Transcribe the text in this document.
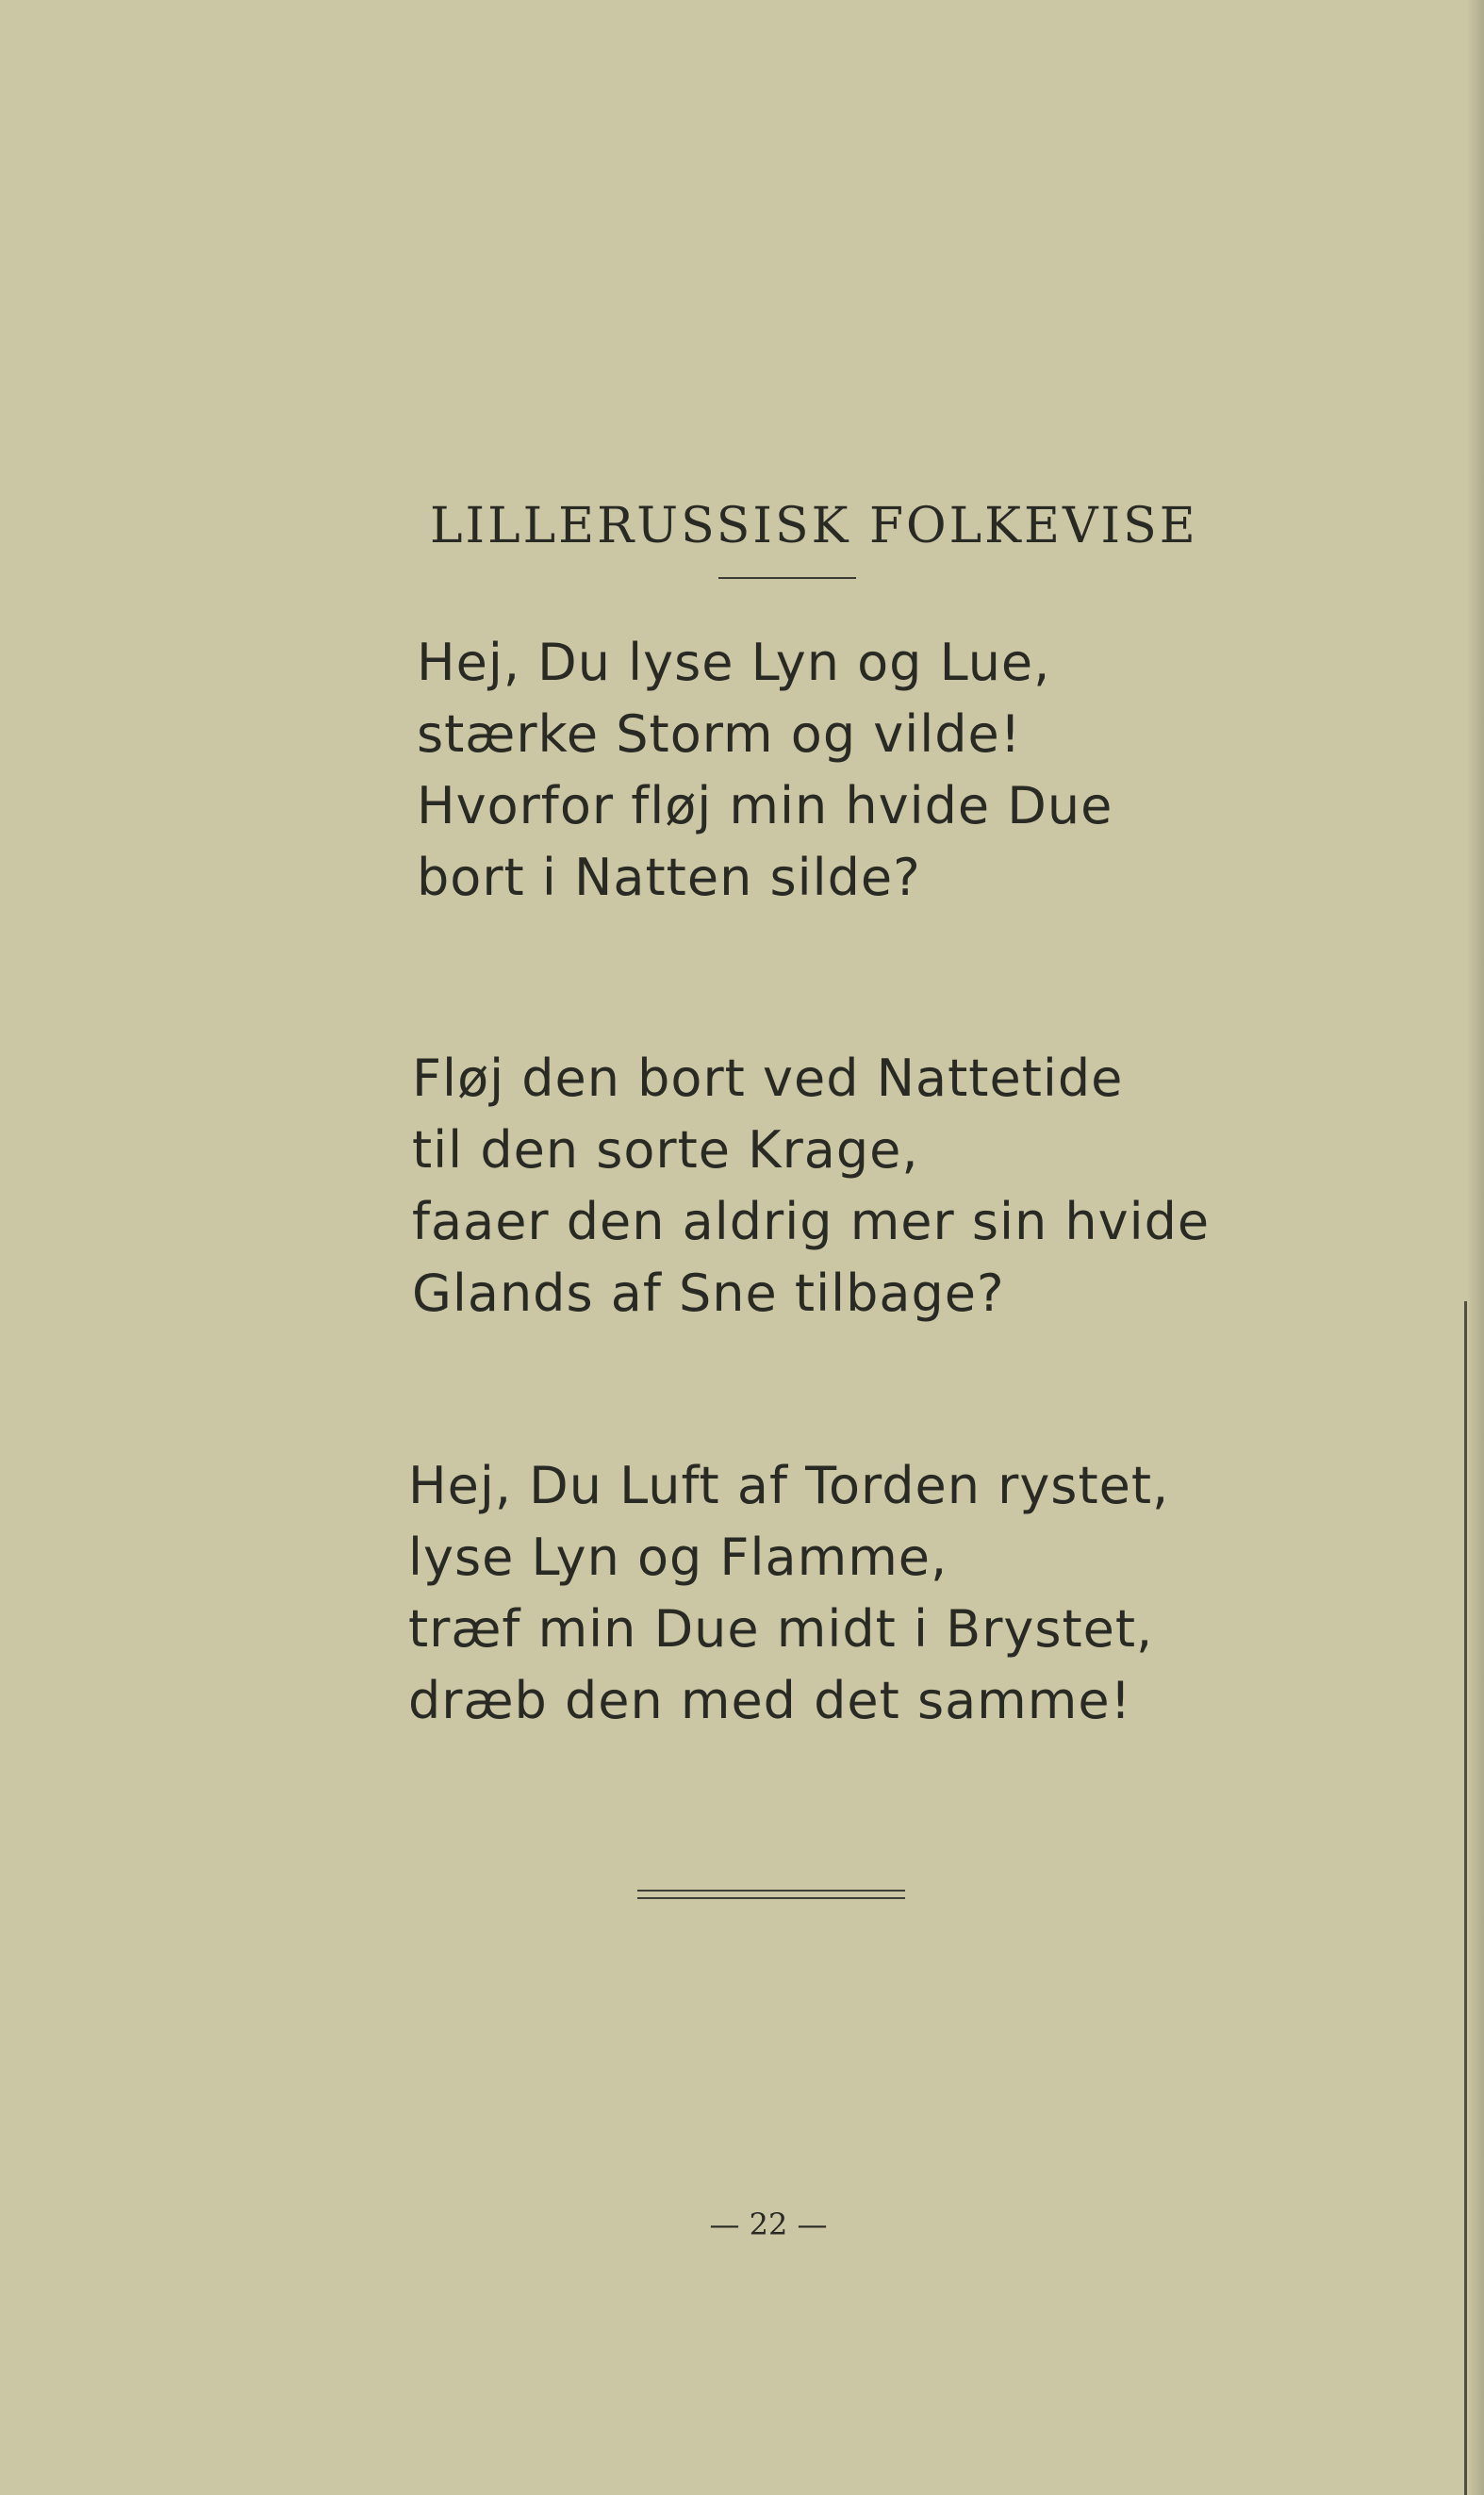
LILLERUSSISK FOLKEVISE
Hej, Du lyse Lyn og Lue,
stærke Storm og vilde!
Hvorfor fløj min hvide Due
bort i Natten silde?
Fløj den bort ved Nattetide
til den sorte Krage,
faaer den aldrig mer sin hvide
Glands af Sne tilbage?
Hej, Du Luft af Torden rystet,
lyse Lyn og Flamme,
træf min Due midt i Brystet,
dræb den med det samme!
— 22 —
